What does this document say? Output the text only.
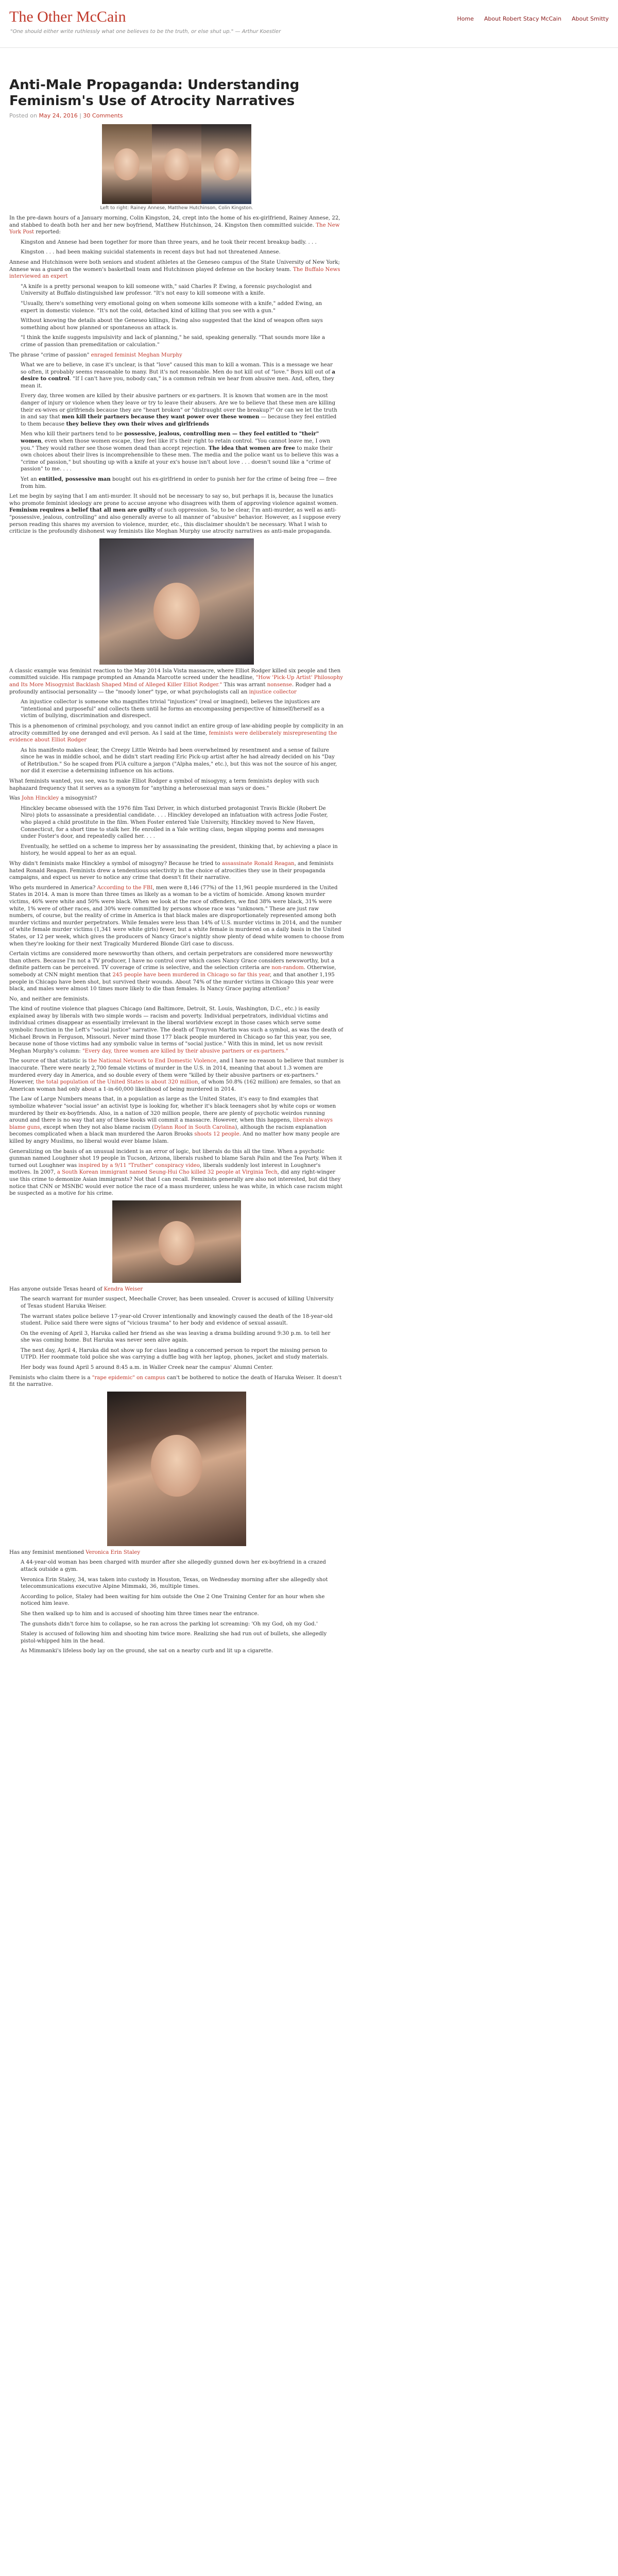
The Other McCain
"One should either write ruthlessly what one believes to be the truth, or else shut up." — Arthur Koestler
Home About Robert Stacy McCain About Smitty
Anti-Male Propaganda: Understanding Feminism's Use of Atrocity Narratives
Posted on May 24, 2016 | 30 Comments
Left to right: Rainey Annese, Matthew Hutchinson, Colin Kingston.

In the pre-dawn hours of a January morning, Colin Kingston, 24, crept into the home of his ex-girlfriend, Rainey Annese, 22, and stabbed to death both her and her new boyfriend, Matthew Hutchinson, 24. Kingston then committed suicide. The New York Post reported:

Kingston and Annese had been together for more than three years, and he took their recent breakup badly. . . .

Kingston . . . had been making suicidal statements in recent days but had not threatened Annese.

Annese and Hutchinson were both seniors and student athletes at the Geneseo campus of the State University of New York; Annese was a guard on the women's basketball team and Hutchinson played defense on the hockey team. The Buffalo News interviewed an expert

"A knife is a pretty personal weapon to kill someone with," said Charles P. Ewing, a forensic psychologist and University at Buffalo distinguished law professor. "It's not easy to kill someone with a knife.

"Usually, there's something very emotional going on when someone kills someone with a knife," added Ewing, an expert in domestic violence. "It's not the cold, detached kind of killing that you see with a gun."

Without knowing the details about the Geneseo killings, Ewing also suggested that the kind of weapon often says something about how planned or spontaneous an attack is.

"I think the knife suggests impulsivity and lack of planning," he said, speaking generally. "That sounds more like a crime of passion than premeditation or calculation."

The phrase "crime of passion" enraged feminist Meghan Murphy

What we are to believe, in case it's unclear, is that "love" caused this man to kill a woman. This is a message we hear so often, it probably seems reasonable to many. But it's not reasonable. Men do not kill out of "love." Boys kill out of a desire to control. "If I can't have you, nobody can," is a common refrain we hear from abusive men. And, often, they mean it.

Every day, three women are killed by their abusive partners or ex-partners. It is known that women are in the most danger of injury or violence when they leave or try to leave their abusers. Are we to believe that these men are killing their ex-wives or girlfriends because they are "heart broken" or "distraught over the breakup?" Or can we let the truth in and say that men kill their partners because they want power over these women — because they feel entitled to them because they believe they own their wives and girlfriends

Men who kill their partners tend to be possessive, jealous, controlling men — they feel entitled to "their" women, even when those women escape, they feel like it's their right to retain control. "You cannot leave me, I own you." They would rather see those women dead than accept rejection. The idea that women are free to make their own choices about their lives is incomprehensible to these men. The media and the police want us to believe this was a "crime of passion," but shouting up with a knife at your ex's house isn't about love . . . doesn't sound like a "crime of passion" to me. . . .

Yet an entitled, possessive man bought out his ex-girlfriend in order to punish her for the crime of being free — free from him.

Let me begin by saying that I am anti-murder. It should not be necessary to say so, but perhaps it is, because the lunatics who promote feminist ideology are prone to accuse anyone who disagrees with them of approving violence against women. Feminism requires a belief that all men are guilty of such oppression. So, to be clear, I'm anti-murder, as well as anti-"possessive, jealous, controlling" and also generally averse to all manner of "abusive" behavior. However, as I suppose every person reading this shares my aversion to violence, murder, etc., this disclaimer shouldn't be necessary. What I wish to criticize is the profoundly dishonest way feminists like Meghan Murphy use atrocity narratives as anti-male propaganda.

A classic example was feminist reaction to the May 2014 Isla Vista massacre, where Elliot Rodger killed six people and then committed suicide. His rampage prompted an Amanda Marcotte screed under the headline, "How 'Pick-Up Artist' Philosophy and Its More Misogynist Backlash Shaped Mind of Alleged Killer Elliot Rodger." This was arrant nonsense. Rodger had a profoundly antisocial personality — the "moody loner" type, or what psychologists call an injustice collector

An injustice collector is someone who magnifies trivial "injustices" (real or imagined), believes the injustices are "intentional and purposeful" and collects them until he forms an encompassing perspective of himself/herself as a victim of bullying, discrimination and disrespect.

This is a phenomenon of criminal psychology, and you cannot indict an entire group of law-abiding people by complicity in an atrocity committed by one deranged and evil person. As I said at the time, feminists were deliberately misrepresenting the evidence about Elliot Rodger

As his manifesto makes clear, the Creepy Little Weirdo had been overwhelmed by resentment and a sense of failure since he was in middle school, and he didn't start reading Eric Pick-up artist after he had already decided on his "Day of Retribution." So he scaped from PUA culture a jargon ("Alpha males," etc.), but this was not the source of his anger, nor did it exercise a determining influence on his actions.

What feminists wanted, you see, was to make Elliot Rodger a symbol of misogyny, a term feminists deploy with such haphazard frequency that it serves as a synonym for "anything a heterosexual man says or does."

Was John Hinckley a misogynist?

Hinckley became obsessed with the 1976 film Taxi Driver, in which disturbed protagonist Travis Bickle (Robert De Niro) plots to assassinate a presidential candidate. . . . Hinckley developed an infatuation with actress Jodie Foster, who played a child prostitute in the film. When Foster entered Yale University, Hinckley moved to New Haven, Connecticut, for a short time to stalk her. He enrolled in a Yale writing class, began slipping poems and messages under Foster's door, and repeatedly called her. . . .

Eventually, he settled on a scheme to impress her by assassinating the president, thinking that, by achieving a place in history, he would appeal to her as an equal.

Why didn't feminists make Hinckley a symbol of misogyny? Because he tried to assassinate Ronald Reagan, and feminists hated Ronald Reagan. Feminists drew a tendentious selectivity in the choice of atrocities they use in their propaganda campaigns, and expect us never to notice any crime that doesn't fit their narrative.

Who gets murdered in America? According to the FBI, men were 8,146 (77%) of the 11,961 people murdered in the United States in 2014. A man is more than three times as likely as a woman to be a victim of homicide. Among known murder victims, 46% were white and 50% were black. When we look at the race of offenders, we find 38% were black, 31% were white, 1% were of other races, and 30% were committed by persons whose race was "unknown." These are just raw numbers, of course, but the reality of crime in America is that black males are disproportionately represented among both murder victims and murder perpetrators. While females were less than 14% of U.S. murder victims in 2014, and the number of white female murder victims (1,341 were white girls) fewer, but a white female is murdered on a daily basis in the United States, or 12 per week, which gives the producers of Nancy Grace's nightly show plenty of dead white women to choose from when they're looking for their next Tragically Murdered Blonde Girl case to discuss.

Certain victims are considered more newsworthy than others, and certain perpetrators are considered more newsworthy than others. Because I'm not a TV producer, I have no control over which cases Nancy Grace considers newsworthy, but a definite pattern can be perceived. TV coverage of crime is selective, and the selection criteria are non-random. Otherwise, somebody at CNN might mention that 245 people have been murdered in Chicago so far this year, and that another 1,195 people in Chicago have been shot, but survived their wounds. About 74% of the murder victims in Chicago this year were black, and males were almost 10 times more likely to die than females. Is Nancy Grace paying attention?

No, and neither are feminists.

The kind of routine violence that plagues Chicago (and Baltimore, Detroit, St. Louis, Washington, D.C., etc.) is easily explained away by liberals with two simple words — racism and poverty. Individual perpetrators, individual victims and individual crimes disappear as essentially irrelevant in the liberal worldview except in those cases which serve some symbolic function in the Left's "social justice" narrative. The death of Trayvon Martin was such a symbol, as was the death of Michael Brown in Ferguson, Missouri. Never mind those 177 black people murdered in Chicago so far this year, you see, because none of those victims had any symbolic value in terms of "social justice." With this in mind, let us now revisit Meghan Murphy's column: "Every day, three women are killed by their abusive partners or ex-partners."

The source of that statistic is the National Network to End Domestic Violence, and I have no reason to believe that number is inaccurate. There were nearly 2,700 female victims of murder in the U.S. in 2014, meaning that about 1.3 women are murdered every day in America, and so double every of them were "killed by their abusive partners or ex-partners." However, the total population of the United States is about 320 million, of whom 50.8% (162 million) are females, so that an American woman had only about a 1-in-60,000 likelihood of being murdered in 2014.

The Law of Large Numbers means that, in a population as large as the United States, it's easy to find examples that symbolize whatever "social issue" an activist type is looking for, whether it's black teenagers shot by white cops or women murdered by their ex-boyfriends. Also, in a nation of 320 million people, there are plenty of psychotic weirdos running around and there is no way that any of these kooks will commit a massacre. However, when this happens, liberals always blame guns, except when they not also blame racism (Dylann Roof in South Carolina), although the racism explanation becomes complicated when a black man murdered the Aaron Brooks shoots 12 people. And no matter how many people are killed by angry Muslims, no liberal would ever blame Islam.

Generalizing on the basis of an unusual incident is an error of logic, but liberals do this all the time. When a psychotic gunman named Loughner shot 19 people in Tucson, Arizona, liberals rushed to blame Sarah Palin and the Tea Party. When it turned out Loughner was inspired by a 9/11 "Truther" conspiracy video, liberals suddenly lost interest in Loughner's motives. In 2007, a South Korean immigrant named Seung-Hui Cho killed 32 people at Virginia Tech, did any right-winger use this crime to demonize Asian immigrants? Not that I can recall. Feminists generally are also not interested, but did they notice that CNN or MSNBC would ever notice the race of a mass murderer, unless he was white, in which case racism might be suspected as a motive for his crime.

Has anyone outside Texas heard of Kendra Weiser

The search warrant for murder suspect, Meechalle Crover, has been unsealed. Crover is accused of killing University of Texas student Haruka Weiser.

The warrant states police believe 17-year-old Crover intentionally and knowingly caused the death of the 18-year-old student. Police said there were signs of "vicious trauma" to her body and evidence of sexual assault.

On the evening of April 3, Haruka called her friend as she was leaving a drama building around 9:30 p.m. to tell her she was coming home. But Haruka was never seen alive again.

The next day, April 4, Haruka did not show up for class leading a concerned person to report the missing person to UTPD. Her roommate told police she was carrying a duffle bag with her laptop, phones, jacket and study materials.

Her body was found April 5 around 8:45 a.m. in Waller Creek near the campus' Alumni Center.

Feminists who claim there is a "rape epidemic" on campus can't be bothered to notice the death of Haruka Weiser. It doesn't fit the narrative.

Has any feminist mentioned Veronica Erin Staley

A 44-year-old woman has been charged with murder after she allegedly gunned down her ex-boyfriend in a crazed attack outside a gym.

Veronica Erin Staley, 34, was taken into custody in Houston, Texas, on Wednesday morning after she allegedly shot telecommunications executive Alpine Mimmaki, 36, multiple times.

According to police, Staley had been waiting for him outside the One 2 One Training Center for an hour when she noticed him leave.

She then walked up to him and is accused of shooting him three times near the entrance.

The gunshots didn't force him to collapse, so he ran across the parking lot screaming: 'Oh my God, oh my God.'

Staley is accused of following him and shooting him twice more. Realizing she had run out of bullets, she allegedly pistol-whipped him in the head.

As Mimmanki's lifeless body lay on the ground, she sat on a nearby curb and lit up a cigarette.
